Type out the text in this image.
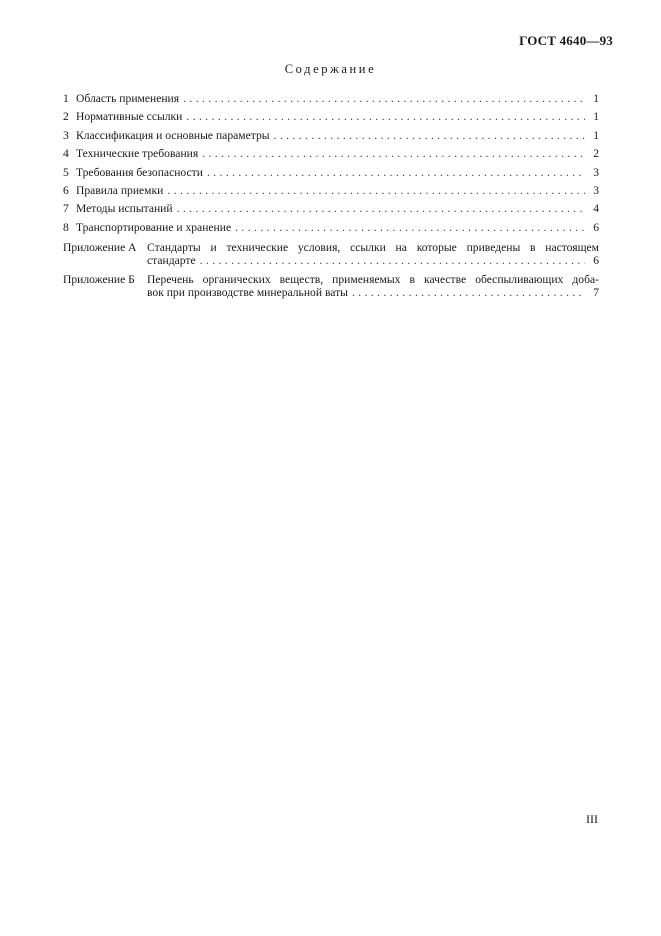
ГОСТ 4640—93
Содержание
1 Область применения . . .	1
2 Нормативные ссылки . . .	1
3 Классификация и основные параметры . . .	1
4 Технические требования . . .	2
5 Требования безопасности . . .	3
6 Правила приемки . . .	3
7 Методы испытаний . . .	4
8 Транспортирование и хранение . . .	6
Приложение А Стандарты и технические условия, ссылки на которые приведены в настоящем
стандарте . . .	6
Приложение Б	Перечень органических веществ, применяемых в качестве обеспыливающих доба-
вок при производстве минеральной ваты . . .	7
III
